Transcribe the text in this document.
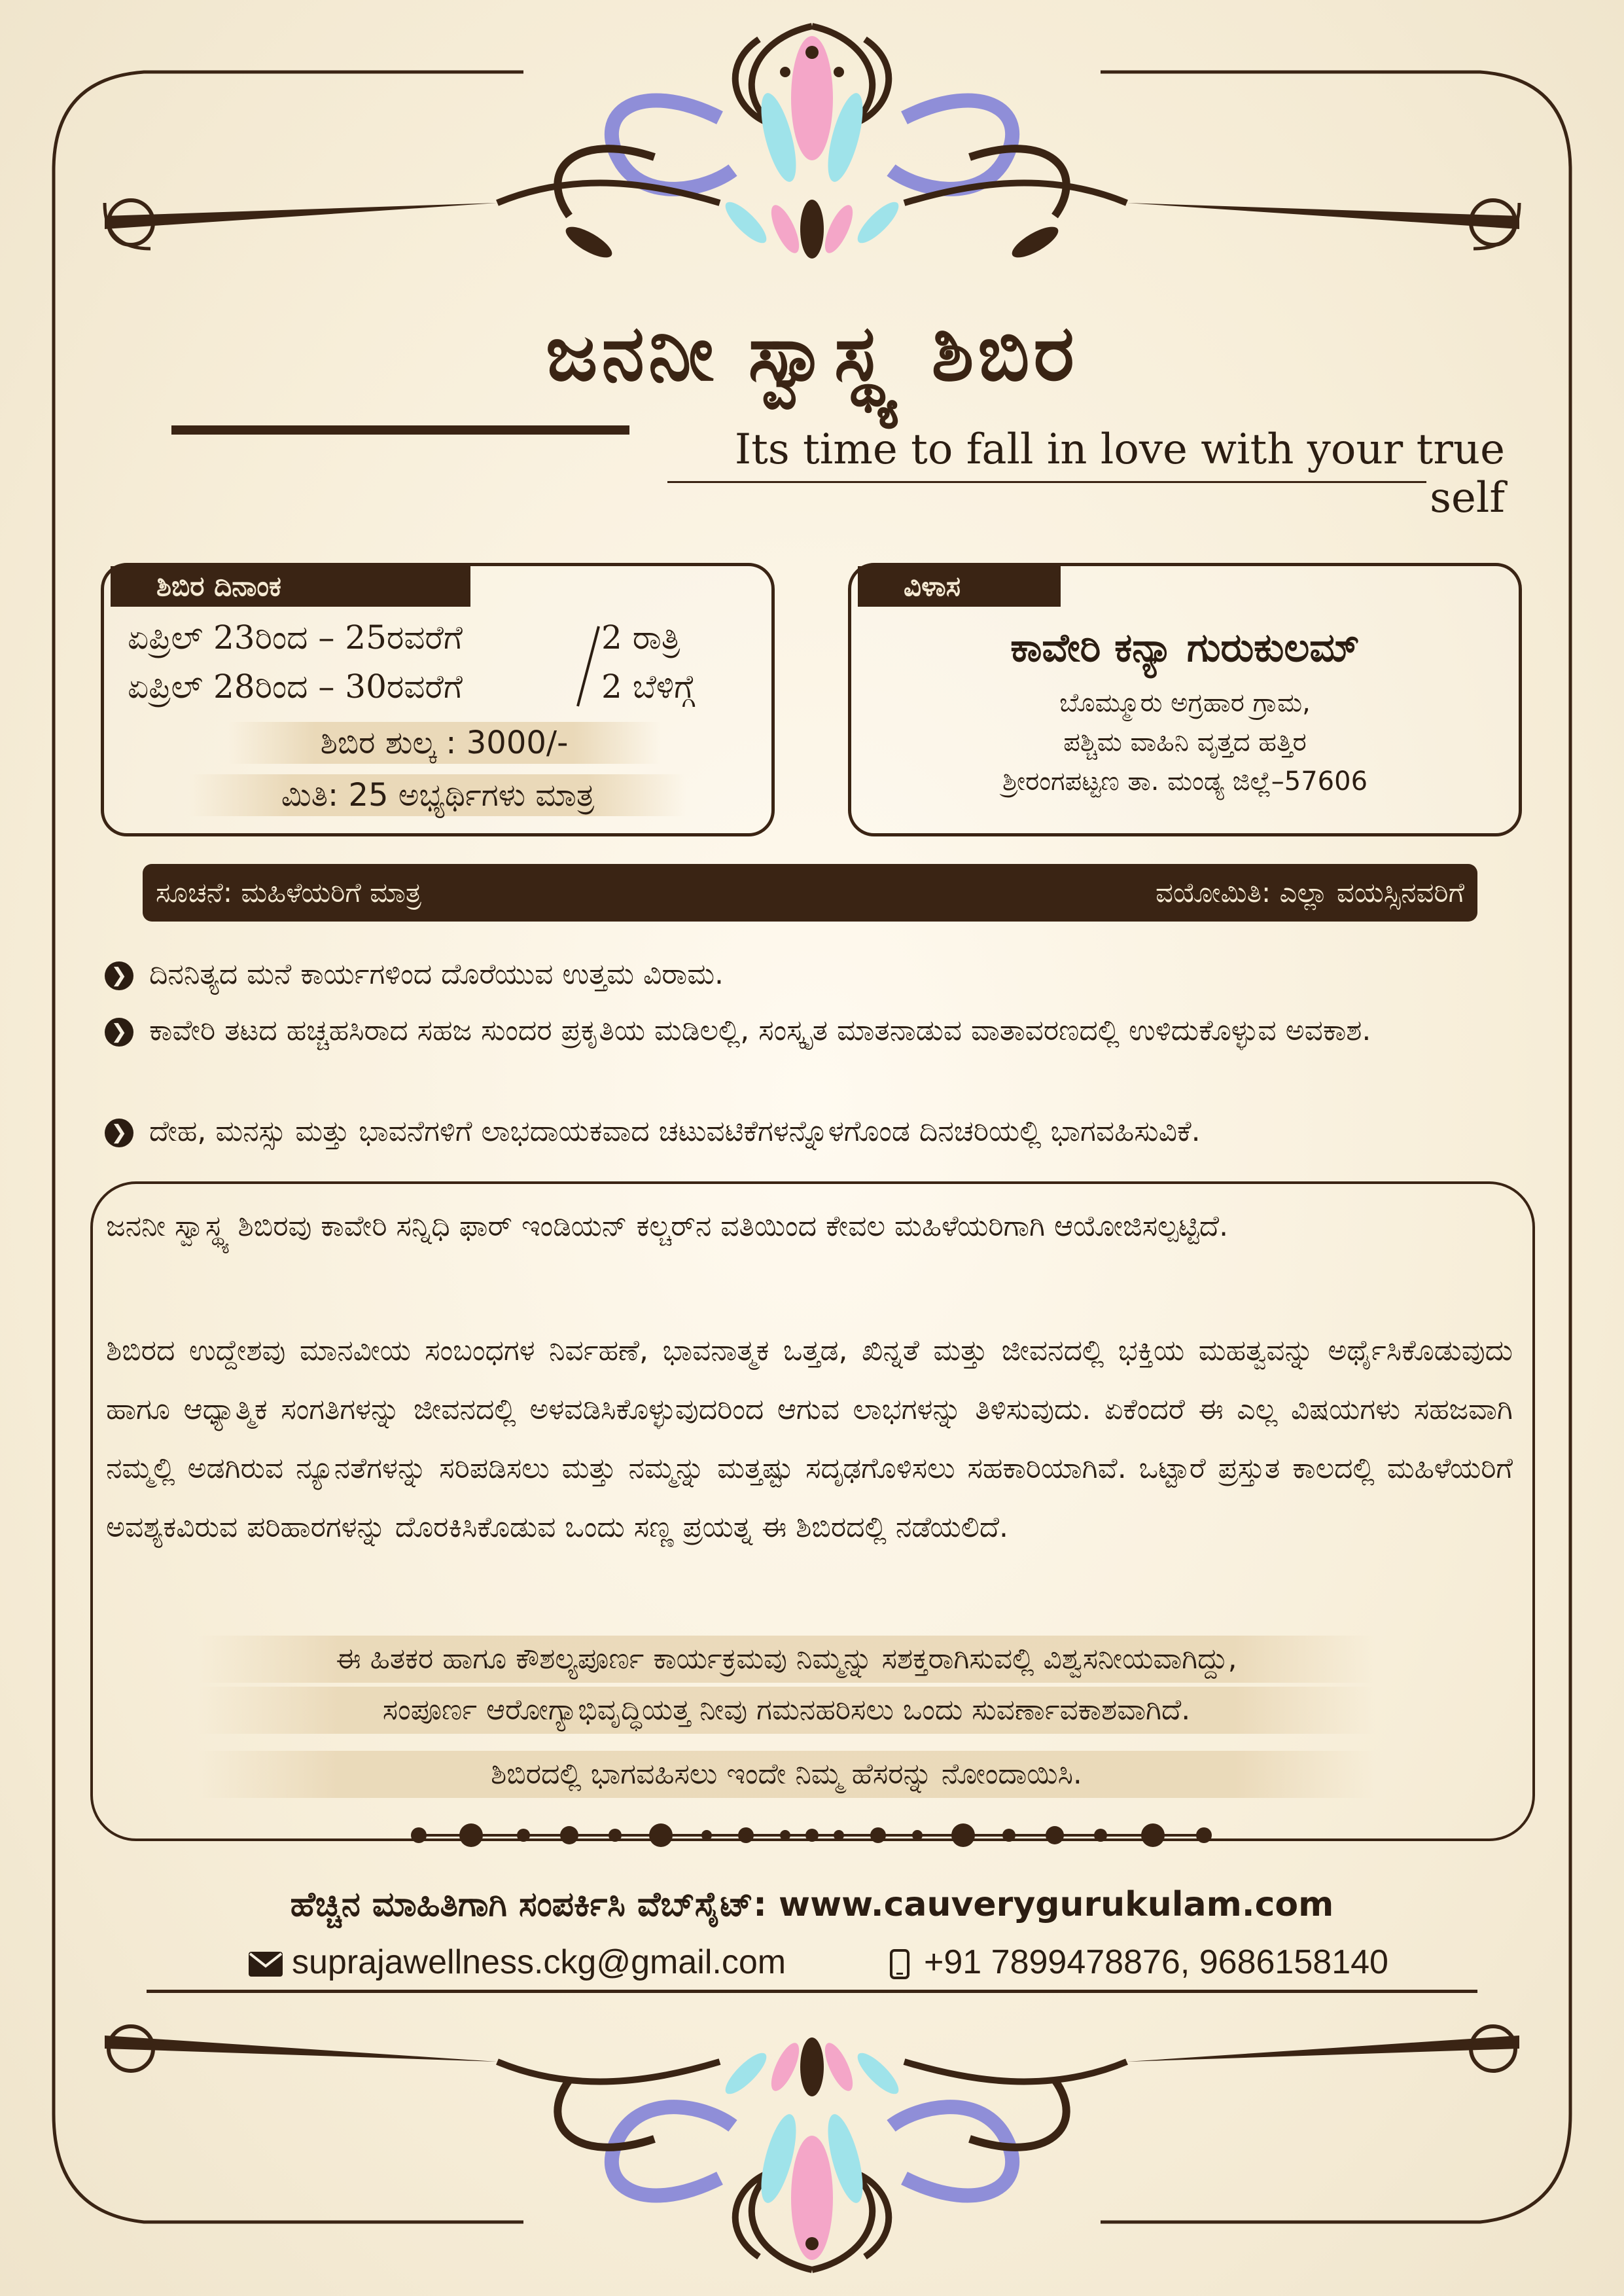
ಜನನೀ ಸ್ವಾಸ್ಥ್ಯ ಶಿಬಿರ
Its time to fall in love with your true self
ಶಿಬಿರ ದಿನಾಂಕ
ಏಪ್ರಿಲ್ 23ರಿಂದ – 25ರವರೆಗೆ	2 ರಾತ್ರಿ
ಏಪ್ರಿಲ್ 28ರಿಂದ – 30ರವರೆಗೆ	2 ಬೆಳಿಗ್ಗೆ
ಶಿಬಿರ ಶುಲ್ಕ : 3000/-
ಮಿತಿ: 25 ಅಭ್ಯರ್ಥಿಗಳು ಮಾತ್ರ
ವಿಳಾಸ
ಕಾವೇರಿ ಕನ್ಯಾ ಗುರುಕುಲಮ್
ಬೊಮ್ಮೂರು ಅಗ್ರಹಾರ ಗ್ರಾಮ,
ಪಶ್ಚಿಮ ವಾಹಿನಿ ವೃತ್ತದ ಹತ್ತಿರ
ಶ್ರೀರಂಗಪಟ್ಟಣ ತಾ. ಮಂಡ್ಯ ಜಿಲ್ಲೆ–57606
ಸೂಚನೆ: ಮಹಿಳೆಯರಿಗೆ ಮಾತ್ರ	ವಯೋಮಿತಿ: ಎಲ್ಲಾ ವಯಸ್ಸಿನವರಿಗೆ
❯ ದಿನನಿತ್ಯದ ಮನೆ ಕಾರ್ಯಗಳಿಂದ ದೊರೆಯುವ ಉತ್ತಮ ವಿರಾಮ.
❯ ಕಾವೇರಿ ತಟದ ಹಚ್ಚಹಸಿರಾದ ಸಹಜ ಸುಂದರ ಪ್ರಕೃತಿಯ ಮಡಿಲಲ್ಲಿ, ಸಂಸ್ಕೃತ ಮಾತನಾಡುವ ವಾತಾವರಣದಲ್ಲಿ ಉಳಿದುಕೊಳ್ಳುವ ಅವಕಾಶ.
❯ ದೇಹ, ಮನಸ್ಸು ಮತ್ತು ಭಾವನೆಗಳಿಗೆ ಲಾಭದಾಯಕವಾದ ಚಟುವಟಿಕೆಗಳನ್ನೊಳಗೊಂಡ ದಿನಚರಿಯಲ್ಲಿ ಭಾಗವಹಿಸುವಿಕೆ.
ಜನನೀ ಸ್ವಾಸ್ಥ್ಯ ಶಿಬಿರವು ಕಾವೇರಿ ಸನ್ನಿಧಿ ಫಾರ್ ಇಂಡಿಯನ್ ಕಲ್ಚರ್‌ನ ವತಿಯಿಂದ ಕೇವಲ ಮಹಿಳೆಯರಿಗಾಗಿ ಆಯೋಜಿಸಲ್ಪಟ್ಟಿದೆ.
ಶಿಬಿರದ ಉದ್ದೇಶವು ಮಾನವೀಯ ಸಂಬಂಧಗಳ ನಿರ್ವಹಣೆ, ಭಾವನಾತ್ಮಕ ಒತ್ತಡ, ಖಿನ್ನತೆ ಮತ್ತು ಜೀವನದಲ್ಲಿ ಭಕ್ತಿಯ ಮಹತ್ವವನ್ನು ಅರ್ಥೈಸಿಕೊಡುವುದು ಹಾಗೂ ಆಧ್ಯಾತ್ಮಿಕ ಸಂಗತಿಗಳನ್ನು ಜೀವನದಲ್ಲಿ ಅಳವಡಿಸಿಕೊಳ್ಳುವುದರಿಂದ ಆಗುವ ಲಾಭಗಳನ್ನು ತಿಳಿಸುವುದು. ಏಕೆಂದರೆ ಈ ಎಲ್ಲ ವಿಷಯಗಳು ಸಹಜವಾಗಿ ನಮ್ಮಲ್ಲಿ ಅಡಗಿರುವ ನ್ಯೂನತೆಗಳನ್ನು ಸರಿಪಡಿಸಲು ಮತ್ತು ನಮ್ಮನ್ನು ಮತ್ತಷ್ಟು ಸದೃಢಗೊಳಿಸಲು ಸಹಕಾರಿಯಾಗಿವೆ. ಒಟ್ಟಾರೆ ಪ್ರಸ್ತುತ ಕಾಲದಲ್ಲಿ ಮಹಿಳೆಯರಿಗೆ ಅವಶ್ಯಕವಿರುವ ಪರಿಹಾರಗಳನ್ನು ದೊರಕಿಸಿಕೊಡುವ ಒಂದು ಸಣ್ಣ ಪ್ರಯತ್ನ ಈ ಶಿಬಿರದಲ್ಲಿ ನಡೆಯಲಿದೆ.
ಈ ಹಿತಕರ ಹಾಗೂ ಕೌಶಲ್ಯಪೂರ್ಣ ಕಾರ್ಯಕ್ರಮವು ನಿಮ್ಮನ್ನು ಸಶಕ್ತರಾಗಿಸುವಲ್ಲಿ ವಿಶ್ವಸನೀಯವಾಗಿದ್ದು,
ಸಂಪೂರ್ಣ ಆರೋಗ್ಯಾಭಿವೃದ್ಧಿಯತ್ತ ನೀವು ಗಮನಹರಿಸಲು ಒಂದು ಸುವರ್ಣಾವಕಾಶವಾಗಿದೆ.
ಶಿಬಿರದಲ್ಲಿ ಭಾಗವಹಿಸಲು ಇಂದೇ ನಿಮ್ಮ ಹೆಸರನ್ನು ನೋಂದಾಯಿಸಿ.
ಹೆಚ್ಚಿನ ಮಾಹಿತಿಗಾಗಿ ಸಂಪರ್ಕಿಸಿ ವೆಬ್‌ಸೈಟ್: www.cauverygurukulam.com
suprajawellness.ckg@gmail.com	+91 7899478876, 9686158140
